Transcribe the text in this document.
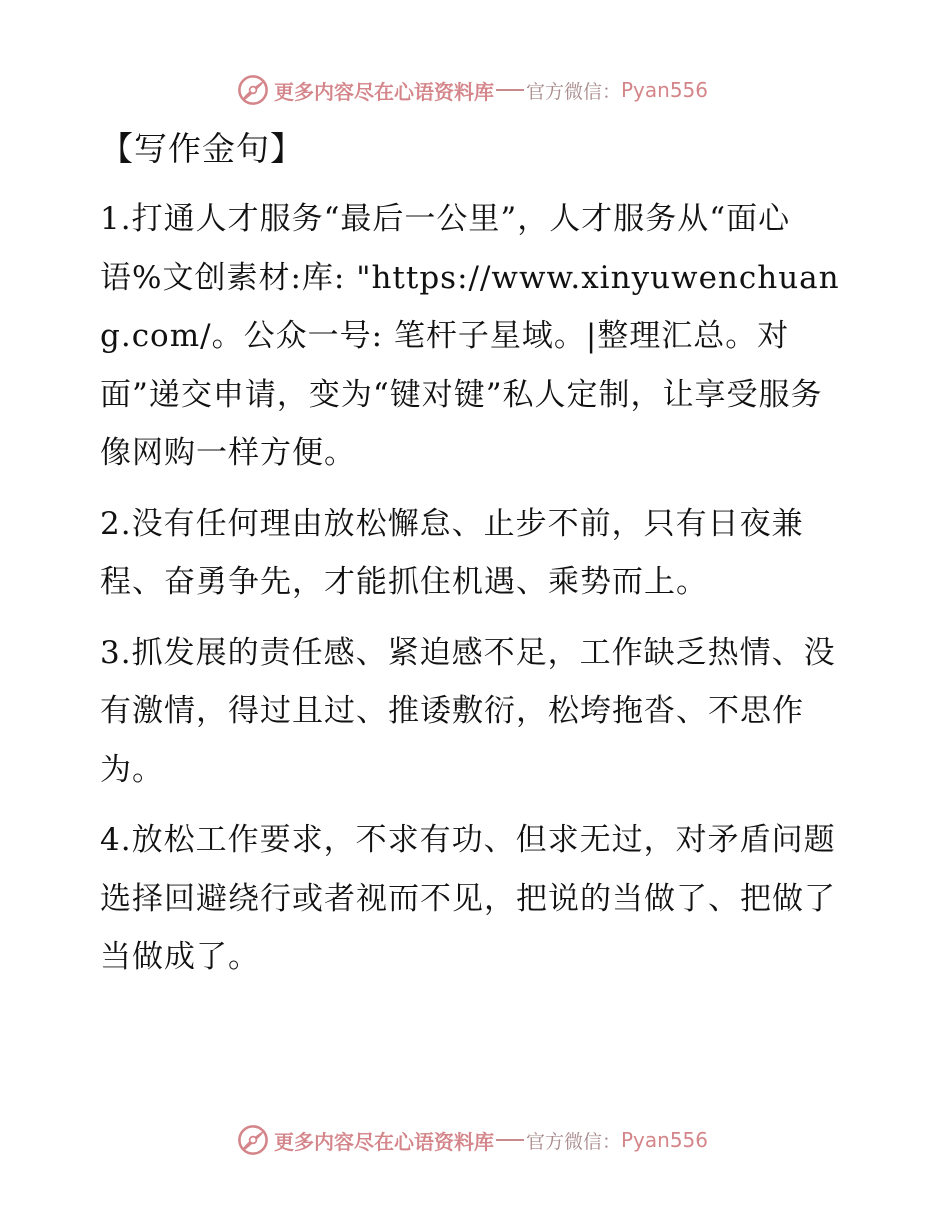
更多内容尽在心语资料库 官方微信： Pyan556
【写作金句】

1.打通人才服务“最后一公里”，人才服务从“面心语%文创素材:库: "https://www.xinyuwenchuang.com/。公众一号: 笔杆子星域。|整理汇总。对面”递交申请，变为“键对键”私人定制，让享受服务像网购一样方便。

2.没有任何理由放松懈怠、止步不前，只有日夜兼程、奋勇争先，才能抓住机遇、乘势而上。

3.抓发展的责任感、紧迫感不足，工作缺乏热情、没有激情，得过且过、推诿敷衍，松垮拖沓、不思作为。

4.放松工作要求，不求有功、但求无过，对矛盾问题选择回避绕行或者视而不见，把说的当做了、把做了当做成了。

更多内容尽在心语资料库 官方微信： Pyan556
